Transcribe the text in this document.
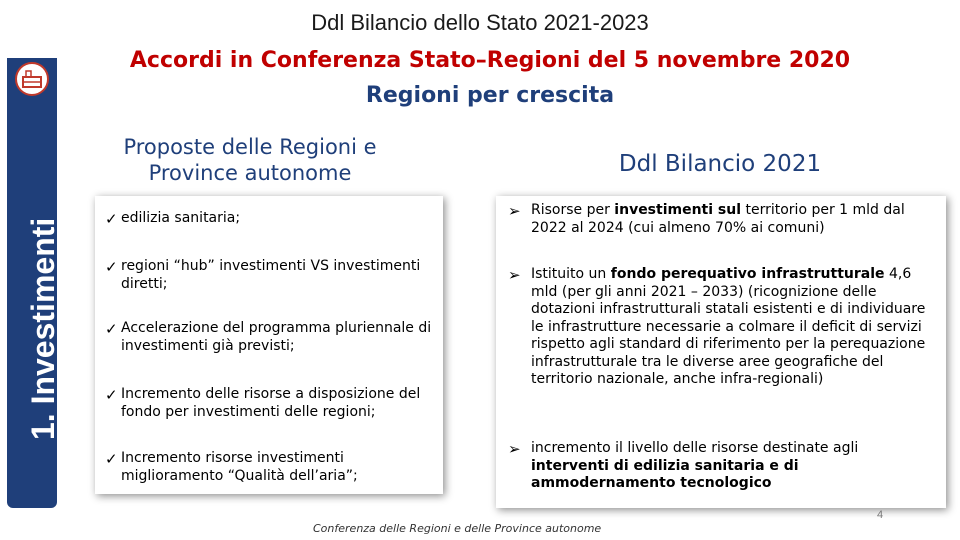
1. Investimenti
Ddl Bilancio dello Stato 2021-2023
Accordi in Conferenza Stato–Regioni del 5 novembre 2020
Regioni per crescita
Proposte delle Regioni e Province autonome	Ddl Bilancio 2021
✓ edilizia sanitaria;
✓ regioni “hub” investimenti VS investimenti diretti;
✓ Accelerazione del programma pluriennale di investimenti già previsti;
✓ Incremento delle risorse a disposizione del fondo per investimenti delle regioni;
✓ Incremento risorse investimenti miglioramento “Qualità dell’aria”;
➢ Risorse per investimenti sul territorio per 1 mld dal 2022 al 2024 (cui almeno 70% ai comuni)
➢ Istituito un fondo perequativo infrastrutturale 4,6 mld (per gli anni 2021 – 2033) (ricognizione delle dotazioni infrastrutturali statali esistenti e di individuare le infrastrutture necessarie a colmare il deficit di servizi rispetto agli standard di riferimento per la perequazione infrastrutturale tra le diverse aree geografiche del territorio nazionale, anche infra-regionali)
➢ incremento il livello delle risorse destinate agli interventi di edilizia sanitaria e di ammodernamento tecnologico
4
Conferenza delle Regioni e delle Province autonome
